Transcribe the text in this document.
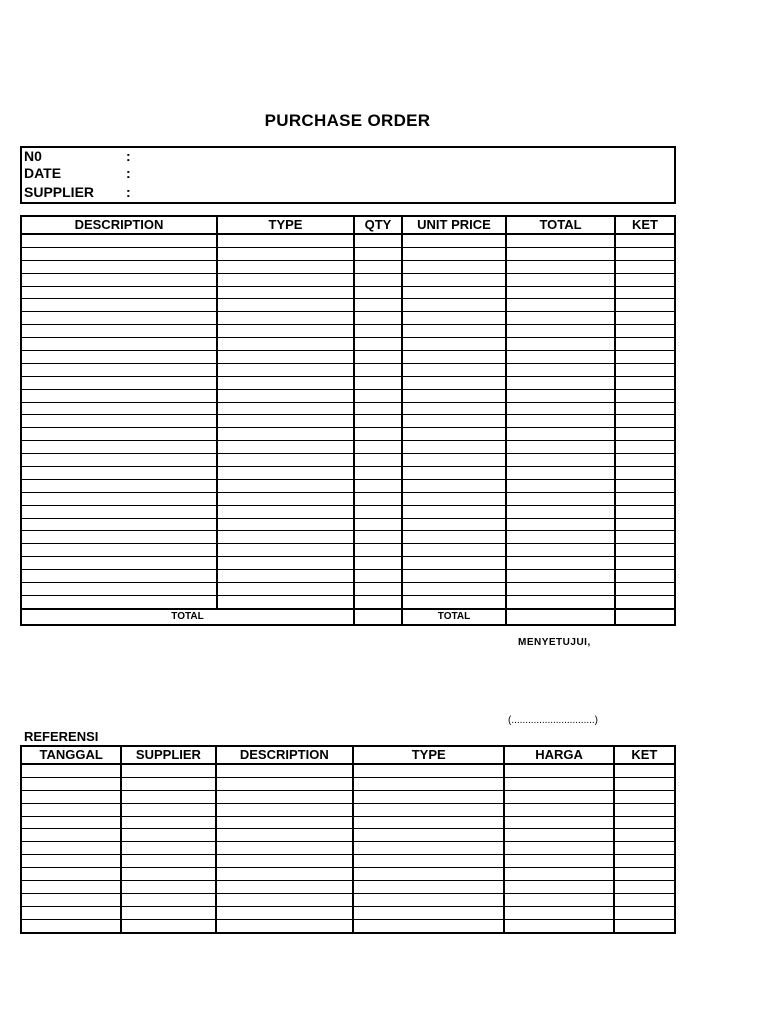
PURCHASE ORDER
N0	:
DATE	:
SUPPLIER :
DESCRIPTION	TYPE	QTY	UNIT PRICE	TOTAL	KET

TOTAL			TOTAL		
MENYETUJUI,
(..............................)
REFERENSI
TANGGAL	SUPPLIER	DESCRIPTION	TYPE	HARGA	KET
